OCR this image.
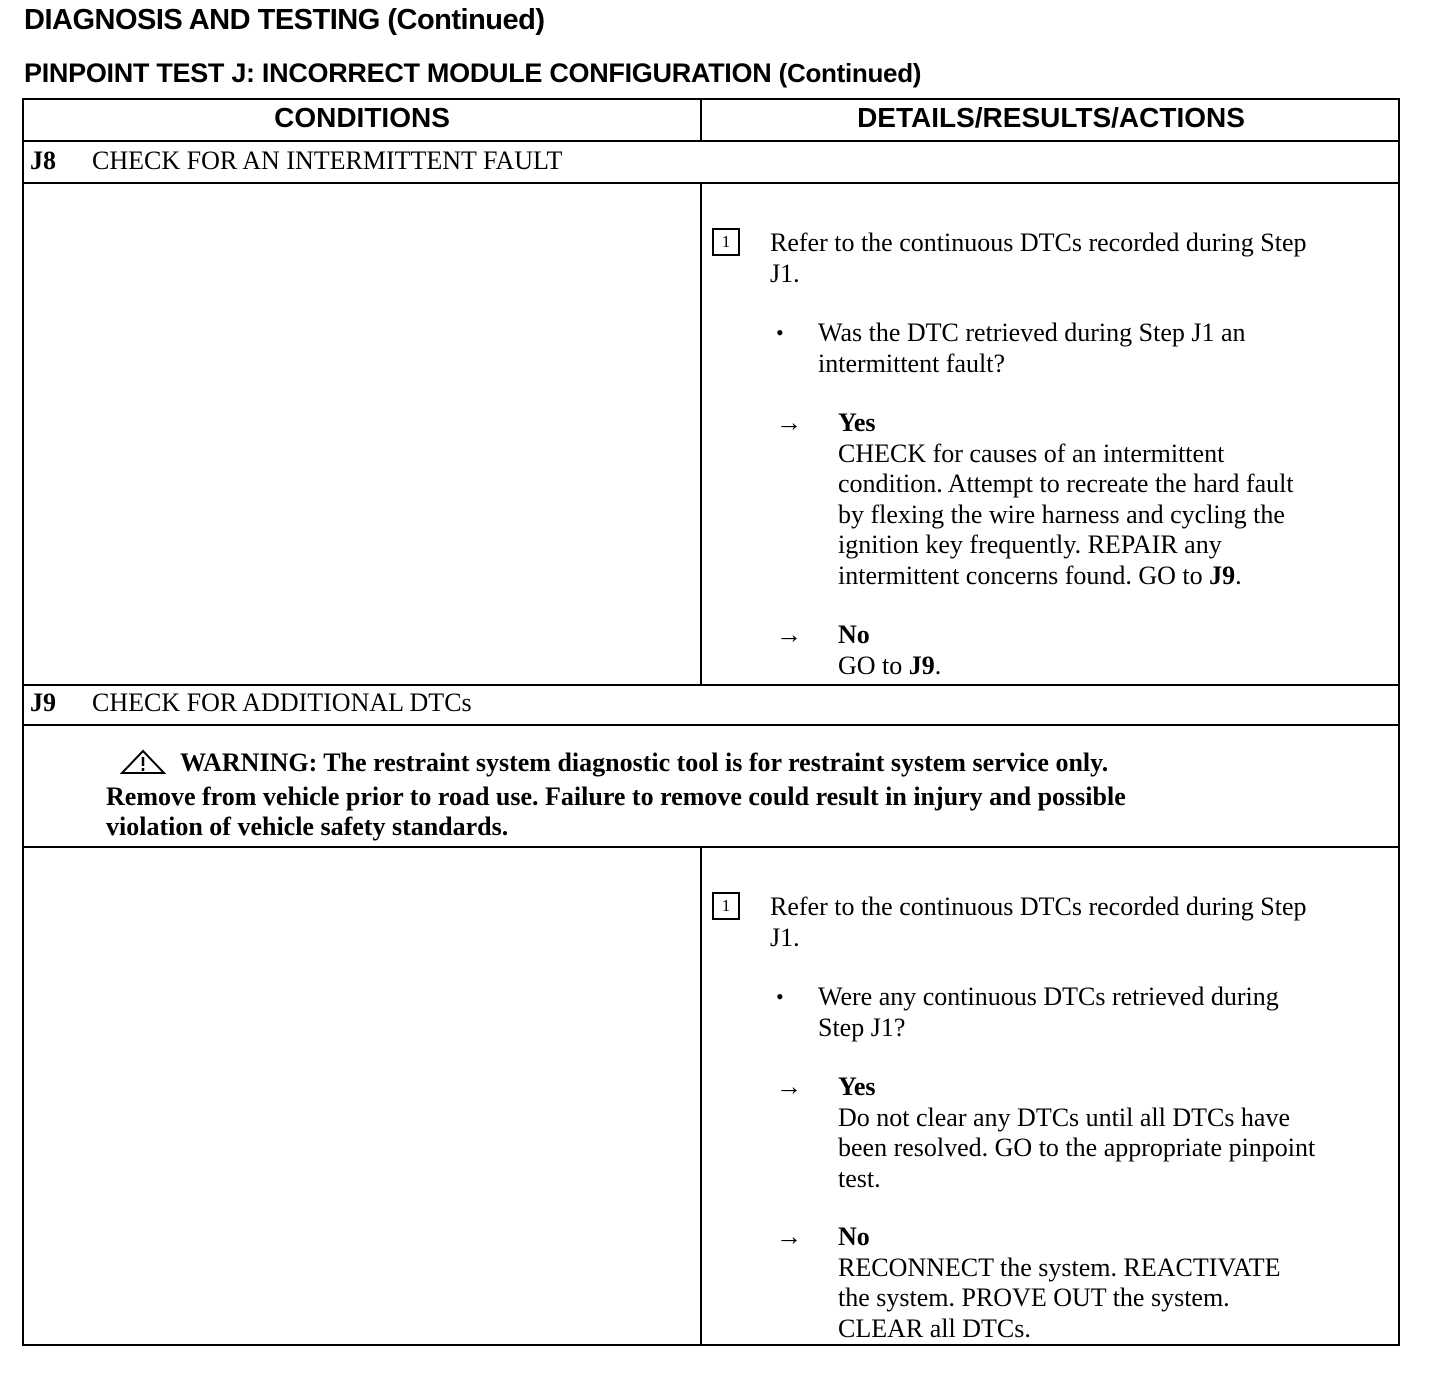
DIAGNOSIS AND TESTING (Continued)
PINPOINT TEST J: INCORRECT MODULE CONFIGURATION (Continued)
CONDITIONS	DETAILS/RESULTS/ACTIONS
J8 CHECK FOR AN INTERMITTENT FAULT
1	Refer to the continuous DTCs recorded during Step
J1.
• Was the DTC retrieved during Step J1 an
intermittent fault?
→ Yes
CHECK for causes of an intermittent
condition. Attempt to recreate the hard fault
by flexing the wire harness and cycling the
ignition key frequently. REPAIR any
intermittent concerns found. GO to J9.
→ No
GO to J9.
J9 CHECK FOR ADDITIONAL DTCs
WARNING: The restraint system diagnostic tool is for restraint system service only.
Remove from vehicle prior to road use. Failure to remove could result in injury and possible
violation of vehicle safety standards.
1	Refer to the continuous DTCs recorded during Step
J1.
• Were any continuous DTCs retrieved during
Step J1?
→ Yes
Do not clear any DTCs until all DTCs have
been resolved. GO to the appropriate pinpoint
test.
→ No
RECONNECT the system. REACTIVATE
the system. PROVE OUT the system.
CLEAR all DTCs.
